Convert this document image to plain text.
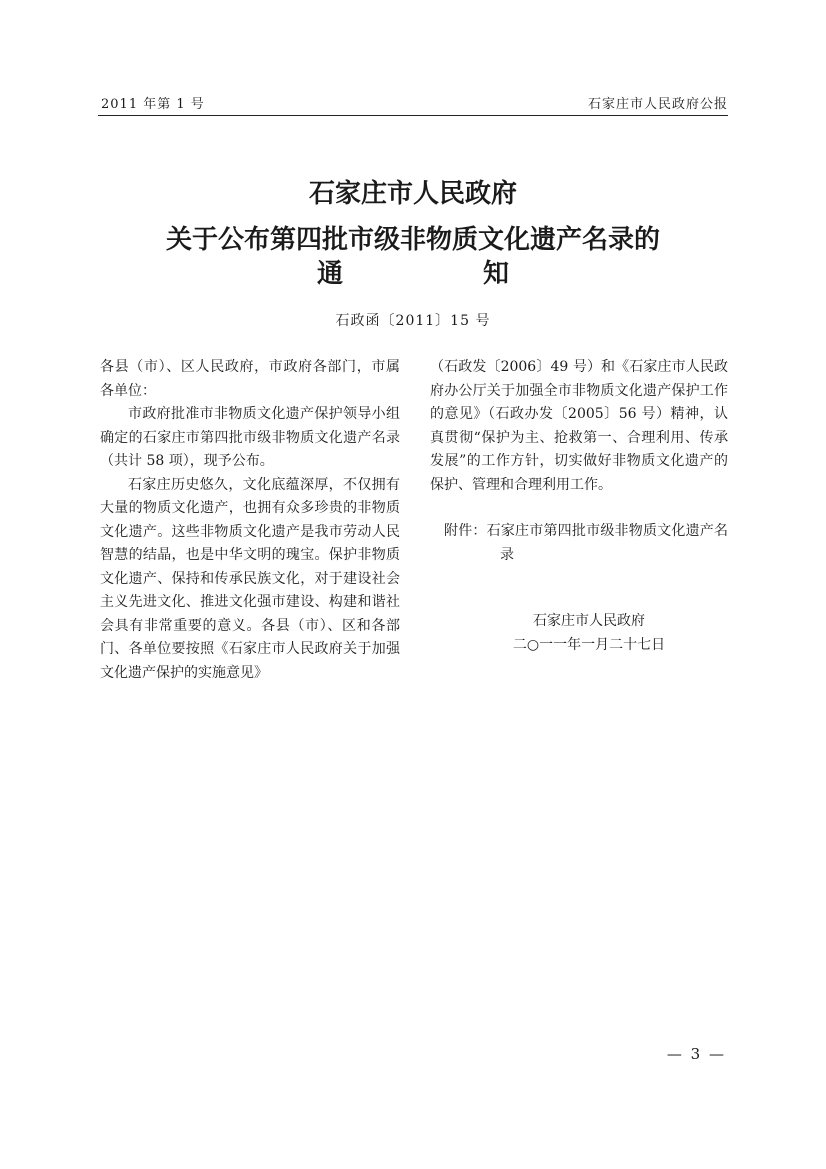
2011 年第 1 号	石家庄市人民政府公报
石家庄市人民政府
关于公布第四批市级非物质文化遗产名录的
通	知
石政函〔2011〕15 号

各县（市）、区人民政府，市政府各部门，市属各单位：

市政府批准市非物质文化遗产保护领导小组确定的石家庄市第四批市级非物质文化遗产名录（共计 58 项），现予公布。

石家庄历史悠久，文化底蕴深厚，不仅拥有大量的物质文化遗产，也拥有众多珍贵的非物质文化遗产。这些非物质文化遗产是我市劳动人民智慧的结晶，也是中华文明的瑰宝。保护非物质文化遗产、保持和传承民族文化，对于建设社会主义先进文化、推进文化强市建设、构建和谐社会具有非常重要的意义。各县（市）、区和各部门、各单位要按照《石家庄市人民政府关于加强文化遗产保护的实施意见》

（石政发〔2006〕49 号）和《石家庄市人民政府办公厅关于加强全市非物质文化遗产保护工作的意见》（石政办发〔2005〕56 号）精神，认真贯彻“保护为主、抢救第一、合理利用、传承发展”的工作方针，切实做好非物质文化遗产的保护、管理和合理利用工作。

附件：石家庄市第四批市级非物质文化遗产名录

石家庄市人民政府

二○一一年一月二十七日

— 3 —
